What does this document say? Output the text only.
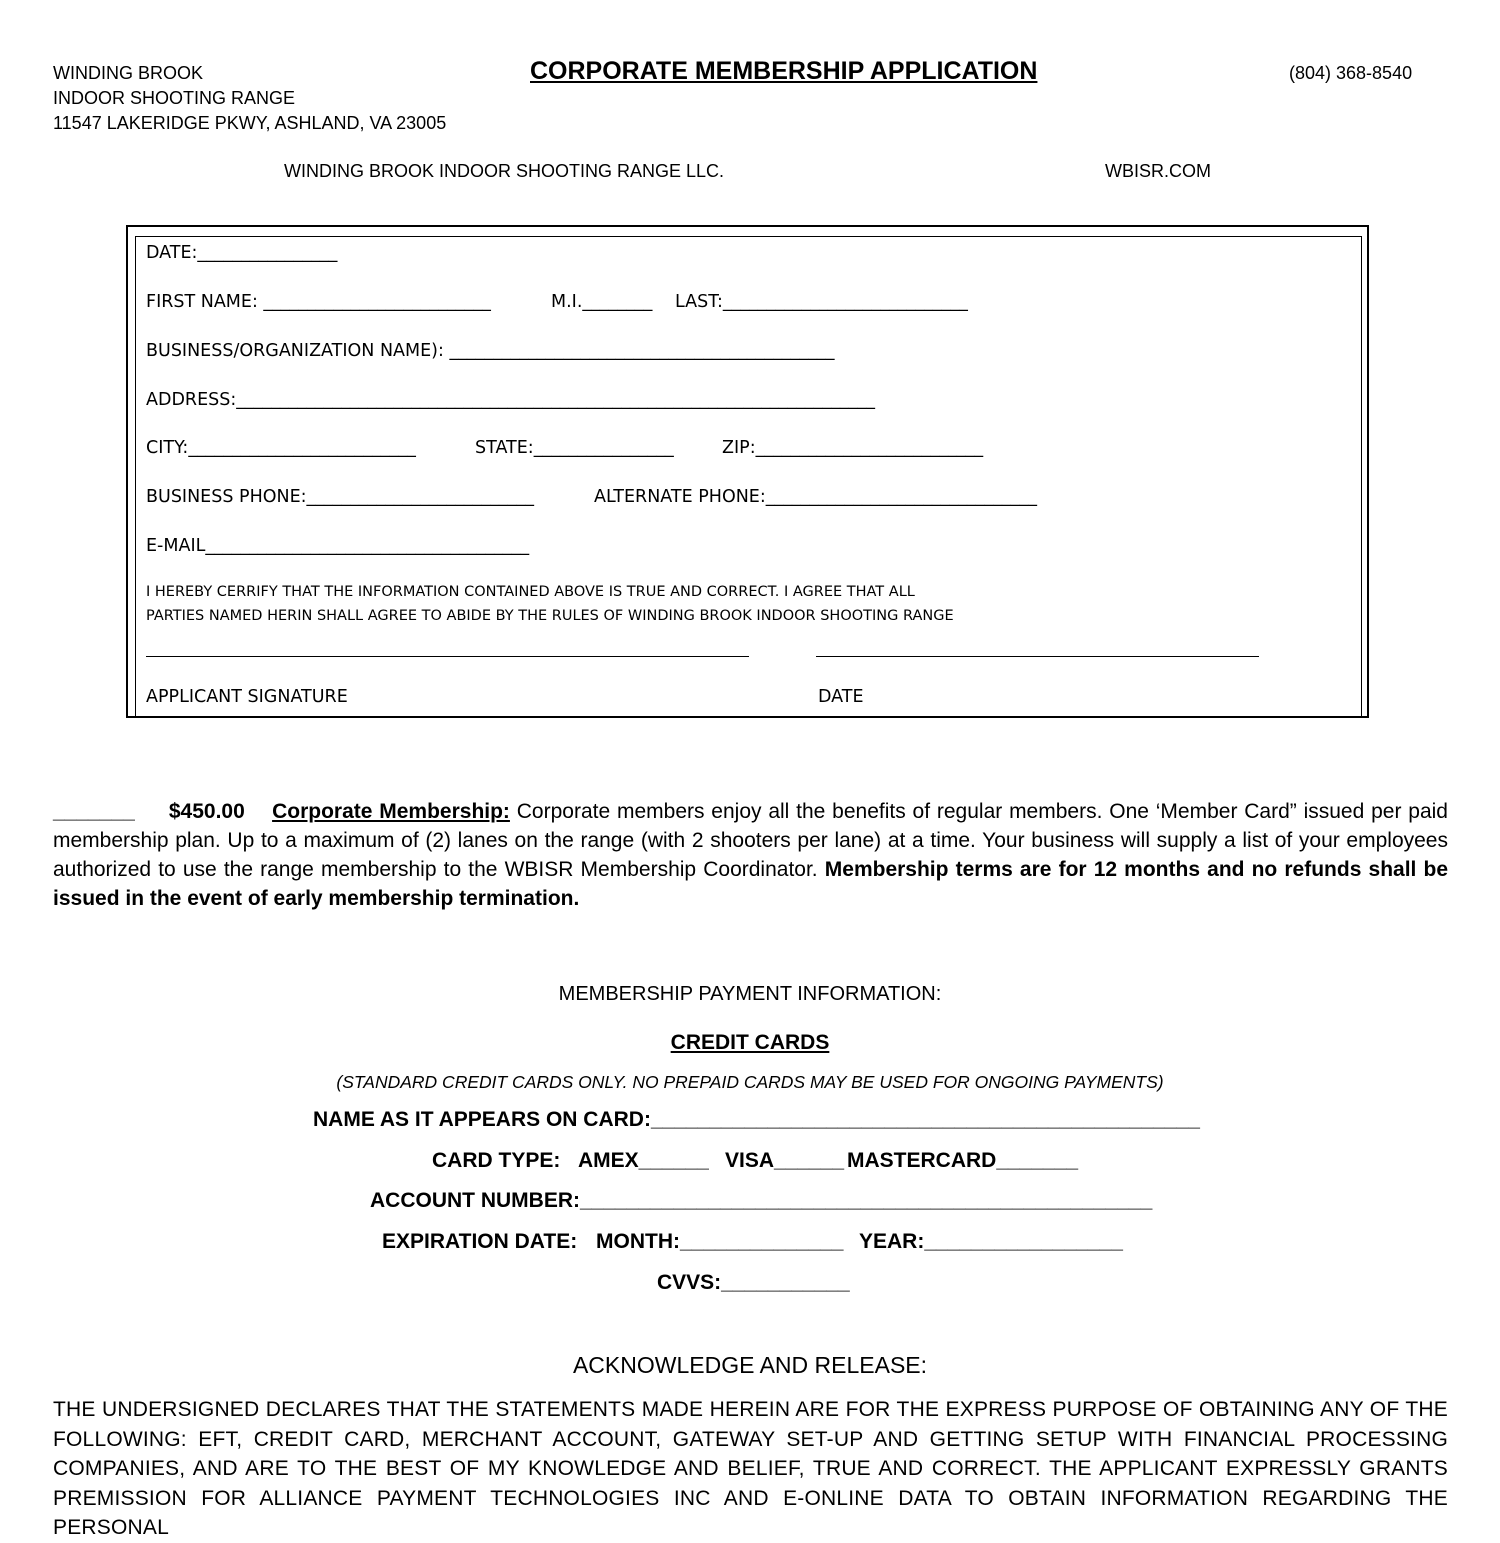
WINDING BROOK
INDOOR SHOOTING RANGE
11547 LAKERIDGE PKWY, ASHLAND, VA 23005
CORPORATE MEMBERSHIP APPLICATION	(804) 368-8540
WINDING BROOK INDOOR SHOOTING RANGE LLC.	WBISR.COM
DATE:________________
FIRST NAME: __________________________	M.I.________ LAST:____________________________
BUSINESS/ORGANIZATION NAME): ____________________________________________
ADDRESS:_________________________________________________________________________
CITY:__________________________	STATE:________________	ZIP:__________________________
BUSINESS PHONE:__________________________	ALTERNATE PHONE:_______________________________
E-MAIL_____________________________________
I HEREBY CERRIFY THAT THE INFORMATION CONTAINED ABOVE IS TRUE AND CORRECT. I AGREE THAT ALL
PARTIES NAMED HERIN SHALL AGREE TO ABIDE BY THE RULES OF WINDING BROOK INDOOR SHOOTING RANGE
APPLICANT SIGNATURE	DATE
_______ $450.00 Corporate Membership: Corporate members enjoy all the benefits of regular members. One ‘Member Card” issued per paid membership plan. Up to a maximum of (2) lanes on the range (with 2 shooters per lane) at a time. Your business will supply a list of your employees authorized to use the range membership to the WBISR Membership Coordinator. Membership terms are for 12 months and no refunds shall be issued in the event of early membership termination.
MEMBERSHIP PAYMENT INFORMATION:
CREDIT CARDS
(STANDARD CREDIT CARDS ONLY. NO PREPAID CARDS MAY BE USED FOR ONGOING PAYMENTS)
NAME AS IT APPEARS ON CARD:_______________________________________________
CARD TYPE: AMEX______ VISA______ MASTERCARD_______
ACCOUNT NUMBER:_________________________________________________
EXPIRATION DATE: MONTH:______________ YEAR:_________________
CVVS:___________
ACKNOWLEDGE AND RELEASE:
THE UNDERSIGNED DECLARES THAT THE STATEMENTS MADE HEREIN ARE FOR THE EXPRESS PURPOSE OF OBTAINING ANY OF THE FOLLOWING: EFT, CREDIT CARD, MERCHANT ACCOUNT, GATEWAY SET-UP AND GETTING SETUP WITH FINANCIAL PROCESSING COMPANIES, AND ARE TO THE BEST OF MY KNOWLEDGE AND BELIEF, TRUE AND CORRECT. THE APPLICANT EXPRESSLY GRANTS PREMISSION FOR ALLIANCE PAYMENT TECHNOLOGIES INC AND E-ONLINE DATA TO OBTAIN INFORMATION REGARDING THE PERSONAL
